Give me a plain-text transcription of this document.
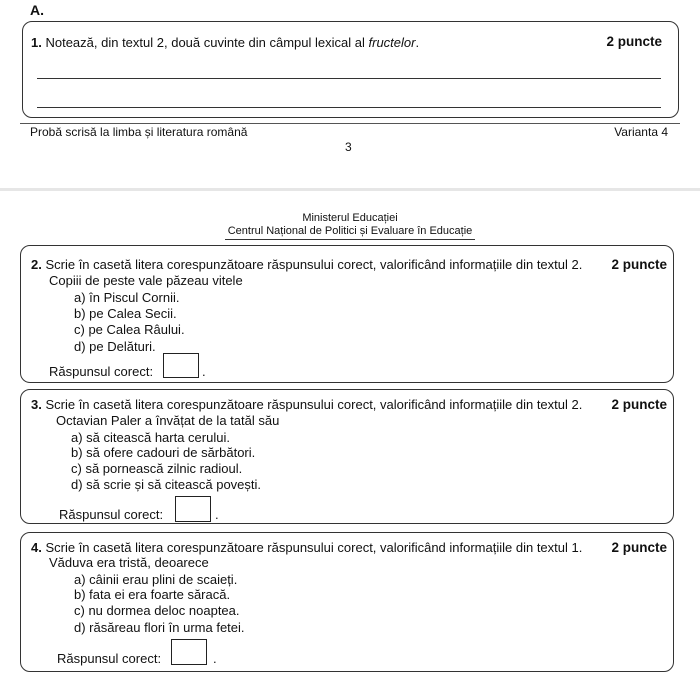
A.
1. Notează, din textul 2, două cuvinte din câmpul lexical al fructelor.	2 puncte
Probă scrisă la limba și literatura română	Varianta 4
3
Ministerul Educației
Centrul Național de Politici și Evaluare în Educație
2. Scrie în casetă litera corespunzătoare răspunsului corect, valorificând informațiile din textul 2. 2 puncte
Copiii de peste vale păzeau vitele
a) în Piscul Cornii.
b) pe Calea Secii.
c) pe Calea Râului.
d) pe Delături.
Răspunsul corect:	.
3. Scrie în casetă litera corespunzătoare răspunsului corect, valorificând informațiile din textul 2. 2 puncte
Octavian Paler a învățat de la tatăl său
a) să citească harta cerului.
b) să ofere cadouri de sărbători.
c) să pornească zilnic radioul.
d) să scrie și să citească povești.
Răspunsul corect:	.
4. Scrie în casetă litera corespunzătoare răspunsului corect, valorificând informațiile din textul 1. 2 puncte
Văduva era tristă, deoarece
a) câinii erau plini de scaieți.
b) fata ei era foarte săracă.
c) nu dormea deloc noaptea.
d) răsăreau flori în urma fetei.
Răspunsul corect:	.
